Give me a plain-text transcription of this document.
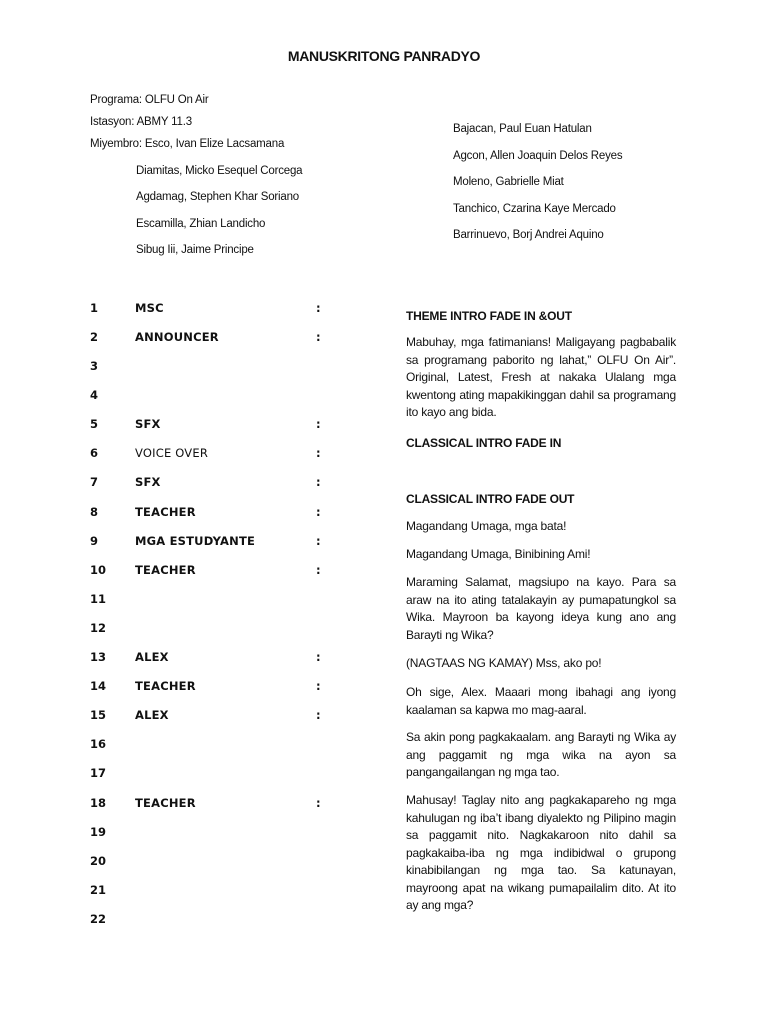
MANUSKRITONG PANRADYO
Programa: OLFU On Air
Istasyon: ABMY 11.3
Miyembro: Esco, Ivan Elize Lacsamana
Diamitas, Micko Esequel Corcega
Agdamag, Stephen Khar Soriano
Escamilla, Zhian Landicho
Sibug Iii, Jaime Principe
Bajacan, Paul Euan Hatulan
Agcon, Allen Joaquin Delos Reyes
Moleno, Gabrielle Miat
Tanchico, Czarina Kaye Mercado
Barrinuevo, Borj Andrei Aquino
1	MSC	:
2	ANNOUNCER	:
3
4
5	SFX	:
6	VOICE OVER	:
7	SFX	:
8	TEACHER	:
9	MGA ESTUDYANTE	:
10	TEACHER	:
11
12
13	ALEX	:
14	TEACHER	:
15	ALEX	:
16
17
18	TEACHER	:
19
20
21
22
THEME INTRO FADE IN &OUT
Mabuhay, mga fatimanians! Maligayang pagbabalik sa programang paborito ng lahat,” OLFU On Air”. Original, Latest, Fresh at nakaka Ulalang mga kwentong ating mapakikinggan dahil sa programang ito kayo ang bida.
CLASSICAL INTRO FADE IN
CLASSICAL INTRO FADE OUT
Magandang Umaga, mga bata!
Magandang Umaga, Binibining Ami!
Maraming Salamat, magsiupo na kayo. Para sa araw na ito ating tatalakayin ay pumapatungkol sa Wika. Mayroon ba kayong ideya kung ano ang Barayti ng Wika?
(NAGTAAS NG KAMAY) Mss, ako po!
Oh sige, Alex. Maaari mong ibahagi ang iyong kaalaman sa kapwa mo mag-aaral.
Sa akin pong pagkakaalam. ang Barayti ng Wika ay ang paggamit ng mga wika na ayon sa pangangailangan ng mga tao.
Mahusay! Taglay nito ang pagkakapareho ng mga kahulugan ng iba’t ibang diyalekto ng Pilipino magin sa paggamit nito. Nagkakaroon nito dahil sa pagkakaiba-iba ng mga indibidwal o grupong kinabibilangan ng mga tao. Sa katunayan, mayroong apat na wikang pumapailalim dito. At ito ay ang mga?
